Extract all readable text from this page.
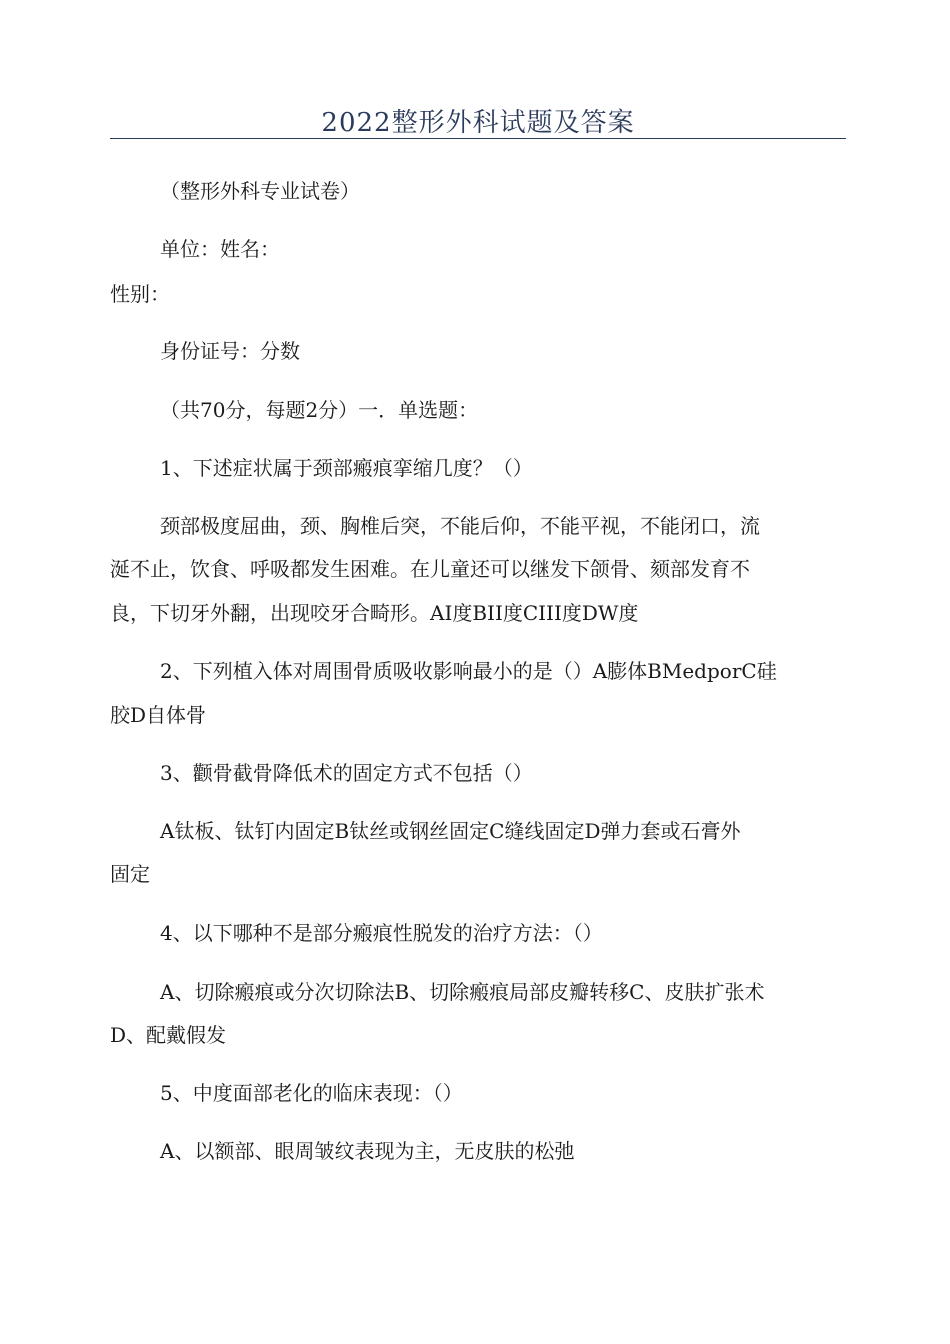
2022整形外科试题及答案

（整形外科专业试卷）

单位：姓名：

性别：

身份证号：分数

（共70分，每题2分）一．单选题：

1、下述症状属于颈部瘢痕挛缩几度？（）

颈部极度屈曲，颈、胸椎后突，不能后仰，不能平视，不能闭口，流

涎不止，饮食、呼吸都发生困难。在儿童还可以继发下颌骨、颏部发育不

良，下切牙外翻，出现咬牙合畸形。AI度BII度CIII度DW度

2、下列植入体对周围骨质吸收影响最小的是（）A膨体BMedporC硅

胶D自体骨

3、颧骨截骨降低术的固定方式不包括（）

A钛板、钛钉内固定B钛丝或钢丝固定C缝线固定D弹力套或石膏外

固定

4、以下哪种不是部分瘢痕性脱发的治疗方法：（）

A、切除瘢痕或分次切除法B、切除瘢痕局部皮瓣转移C、皮肤扩张术

D、配戴假发

5、中度面部老化的临床表现：（）

A、以额部、眼周皱纹表现为主，无皮肤的松弛
